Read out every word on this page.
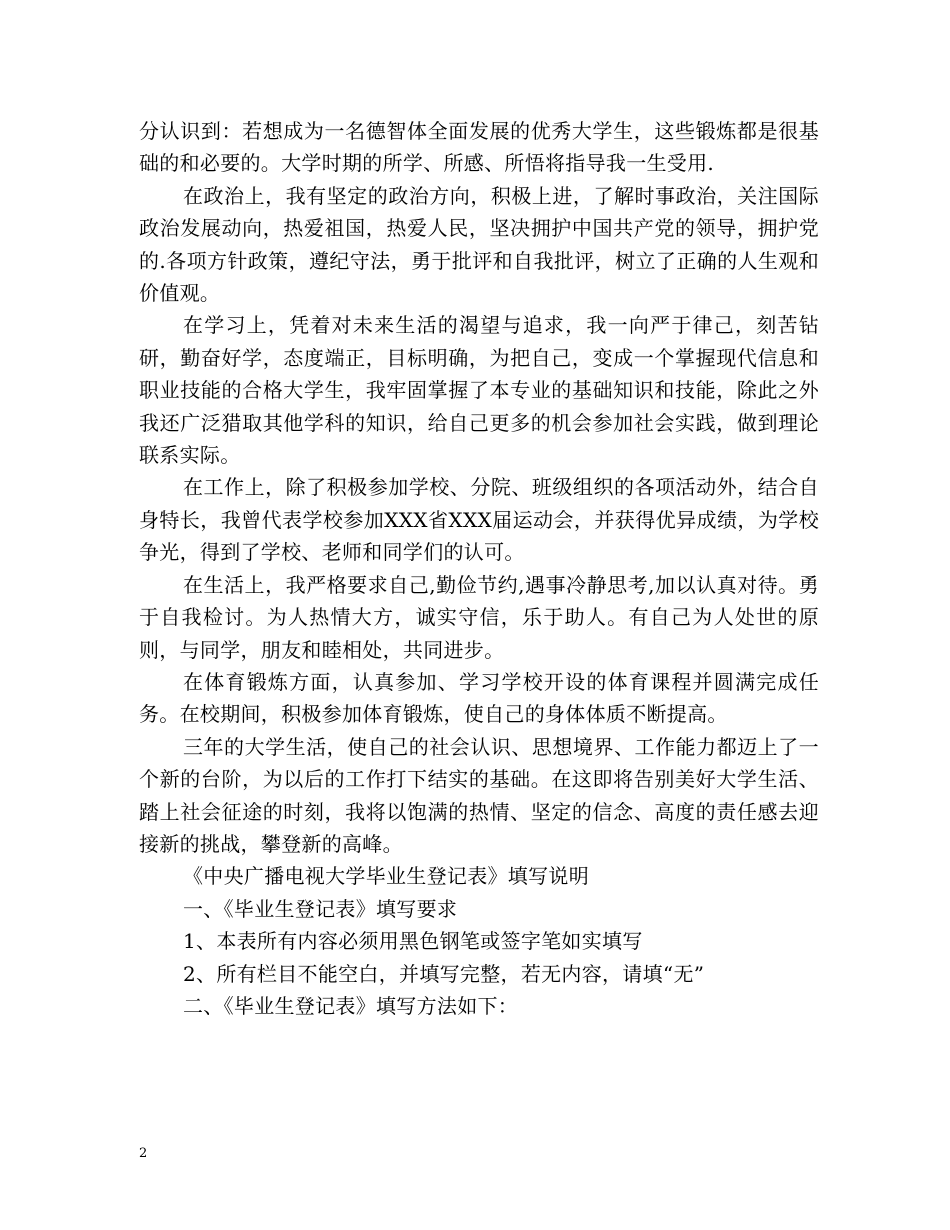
分认识到：若想成为一名德智体全面发展的优秀大学生，这些锻炼都是很基础的和必要的。大学时期的所学、所感、所悟将指导我一生受用.

在政治上，我有坚定的政治方向，积极上进，了解时事政治，关注国际政治发展动向，热爱祖国，热爱人民，坚决拥护中国共产党的领导，拥护党的.各项方针政策，遵纪守法，勇于批评和自我批评，树立了正确的人生观和价值观。

在学习上，凭着对未来生活的渴望与追求，我一向严于律己，刻苦钻研，勤奋好学，态度端正，目标明确，为把自己，变成一个掌握现代信息和职业技能的合格大学生，我牢固掌握了本专业的基础知识和技能，除此之外我还广泛猎取其他学科的知识，给自己更多的机会参加社会实践，做到理论联系实际。

在工作上，除了积极参加学校、分院、班级组织的各项活动外，结合自身特长，我曾代表学校参加XXX省XXX届运动会，并获得优异成绩，为学校争光，得到了学校、老师和同学们的认可。

在生活上，我严格要求自己,勤俭节约,遇事冷静思考,加以认真对待。勇于自我检讨。为人热情大方，诚实守信，乐于助人。有自己为人处世的原则，与同学，朋友和睦相处，共同进步。

在体育锻炼方面，认真参加、学习学校开设的体育课程并圆满完成任务。在校期间，积极参加体育锻炼，使自己的身体体质不断提高。

三年的大学生活，使自己的社会认识、思想境界、工作能力都迈上了一个新的台阶，为以后的工作打下结实的基础。在这即将告别美好大学生活、踏上社会征途的时刻，我将以饱满的热情、坚定的信念、高度的责任感去迎接新的挑战，攀登新的高峰。

《中央广播电视大学毕业生登记表》填写说明

一、《毕业生登记表》填写要求

1、本表所有内容必须用黑色钢笔或签字笔如实填写

2、所有栏目不能空白，并填写完整，若无内容，请填“无”

二、《毕业生登记表》填写方法如下：

2
